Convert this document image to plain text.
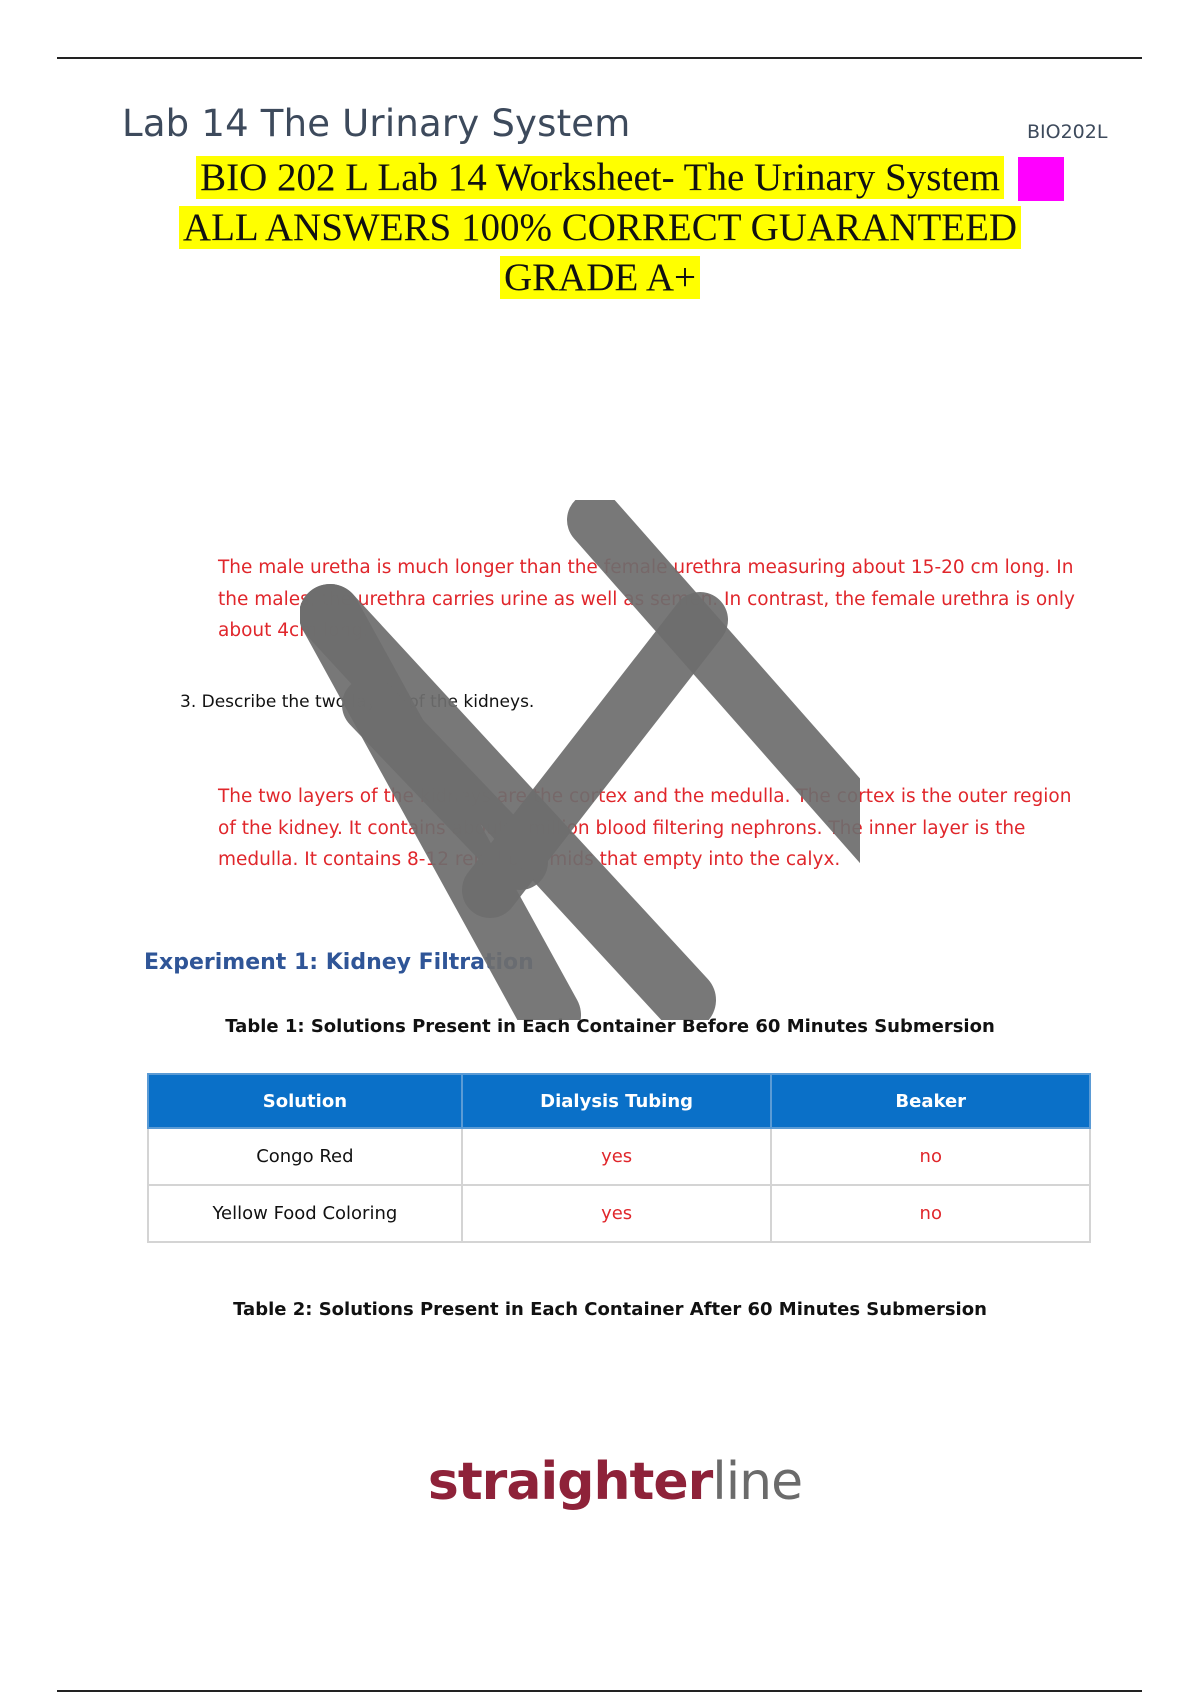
Lab 14 The Urinary System	BIO202L
BIO 202 L Lab 14 Worksheet- The Urinary System
ALL ANSWERS 100% CORRECT GUARANTEED
GRADE A+
The male uretha is much longer than the female urethra measuring about 15-20 cm long. In the males, the urethra carries urine as well as semen. In contrast, the female urethra is only about 4cm long.
3. Describe the two layers of the kidneys.
The two layers of the kidneys are the cortex and the medulla. The cortex is the outer region of the kidney. It contains about a million blood filtering nephrons. The inner layer is the medulla. It contains 8-12 renal pyramids that empty into the calyx.
Experiment 1: Kidney Filtration
Table 1: Solutions Present in Each Container Before 60 Minutes Submersion
Solution	Dialysis Tubing	Beaker
Congo Red	yes	no
Yellow Food Coloring	yes	no
Table 2: Solutions Present in Each Container After 60 Minutes Submersion
straighterline
